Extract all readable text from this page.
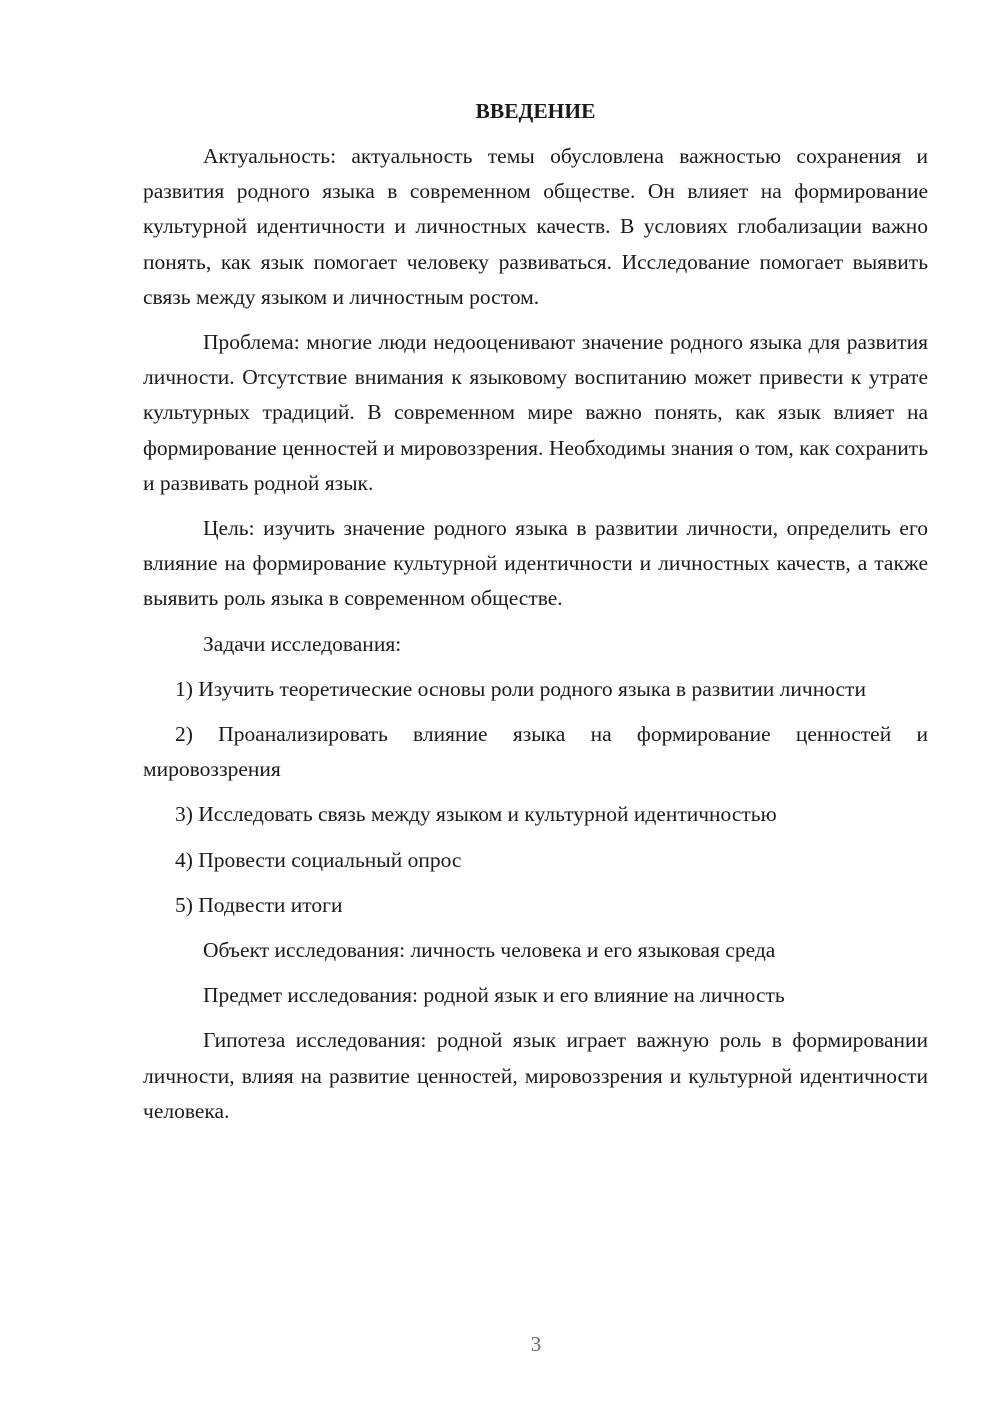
ВВЕДЕНИЕ

Актуальность: актуальность темы обусловлена важностью сохранения и развития родного языка в современном обществе. Он влияет на формирование культурной идентичности и личностных качеств. В условиях глобализации важно понять, как язык помогает человеку развиваться. Исследование помогает выявить связь между языком и личностным ростом.

Проблема: многие люди недооценивают значение родного языка для развития личности. Отсутствие внимания к языковому воспитанию может привести к утрате культурных традиций. В современном мире важно понять, как язык влияет на формирование ценностей и мировоззрения. Необходимы знания о том, как сохранить и развивать родной язык.

Цель: изучить значение родного языка в развитии личности, определить его влияние на формирование культурной идентичности и личностных качеств, а также выявить роль языка в современном обществе.

Задачи исследования:

1) Изучить теоретические основы роли родного языка в развитии личности

2) Проанализировать влияние языка на формирование ценностей и мировоззрения

3) Исследовать связь между языком и культурной идентичностью

4) Провести социальный опрос

5) Подвести итоги

Объект исследования: личность человека и его языковая среда

Предмет исследования: родной язык и его влияние на личность

Гипотеза исследования: родной язык играет важную роль в формировании личности, влияя на развитие ценностей, мировоззрения и культурной идентичности человека.

3
